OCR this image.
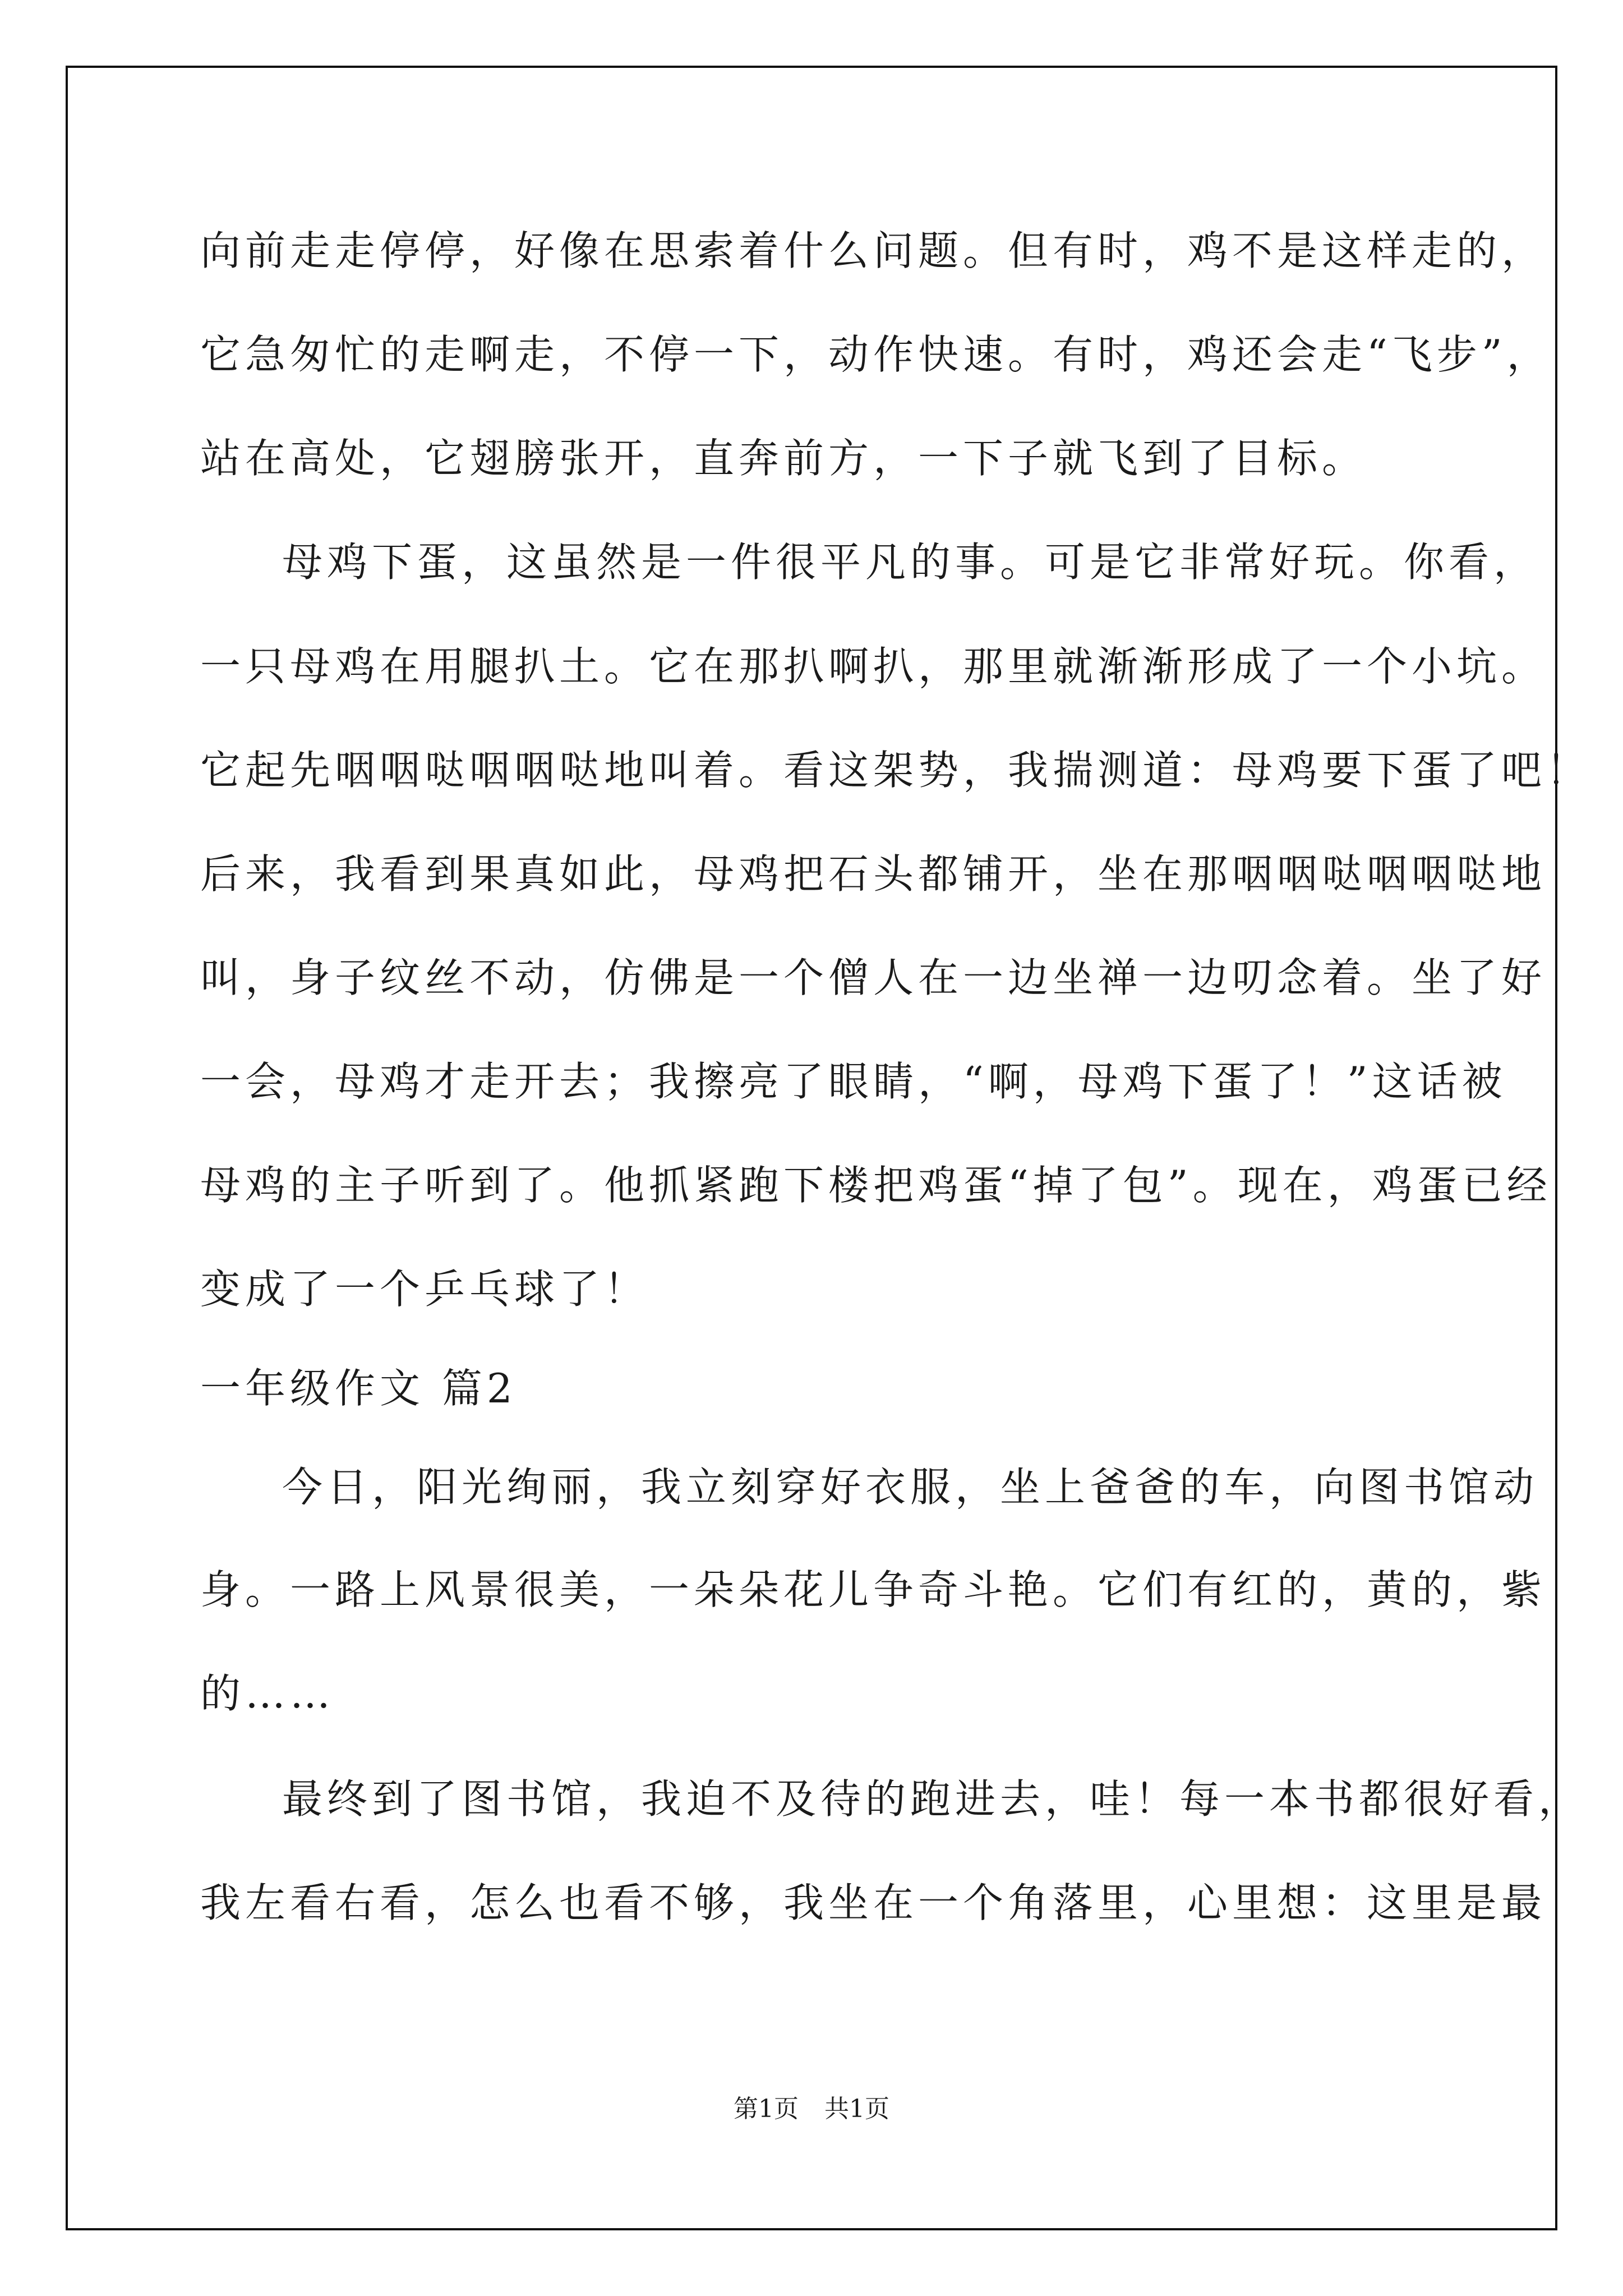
向前走走停停，好像在思索着什么问题。但有时，鸡不是这样走的，
它急匆忙的走啊走，不停一下，动作快速。有时，鸡还会走“飞步”，
站在高处，它翅膀张开，直奔前方，一下子就飞到了目标。
母鸡下蛋，这虽然是一件很平凡的事。可是它非常好玩。你看，
一只母鸡在用腿扒土。它在那扒啊扒，那里就渐渐形成了一个小坑。
它起先咽咽哒咽咽哒地叫着。看这架势，我揣测道：母鸡要下蛋了吧！
后来，我看到果真如此，母鸡把石头都铺开，坐在那咽咽哒咽咽哒地
叫，身子纹丝不动，仿佛是一个僧人在一边坐禅一边叨念着。坐了好
一会，母鸡才走开去；我擦亮了眼睛，“啊，母鸡下蛋了！”这话被
母鸡的主子听到了。他抓紧跑下楼把鸡蛋“掉了包”。现在，鸡蛋已经
变成了一个乒乓球了！
一年级作文 篇2
今日，阳光绚丽，我立刻穿好衣服，坐上爸爸的车，向图书馆动
身。一路上风景很美，一朵朵花儿争奇斗艳。它们有红的，黄的，紫
的……
最终到了图书馆，我迫不及待的跑进去，哇！每一本书都很好看，
我左看右看，怎么也看不够，我坐在一个角落里，心里想：这里是最
第1页 共1页
